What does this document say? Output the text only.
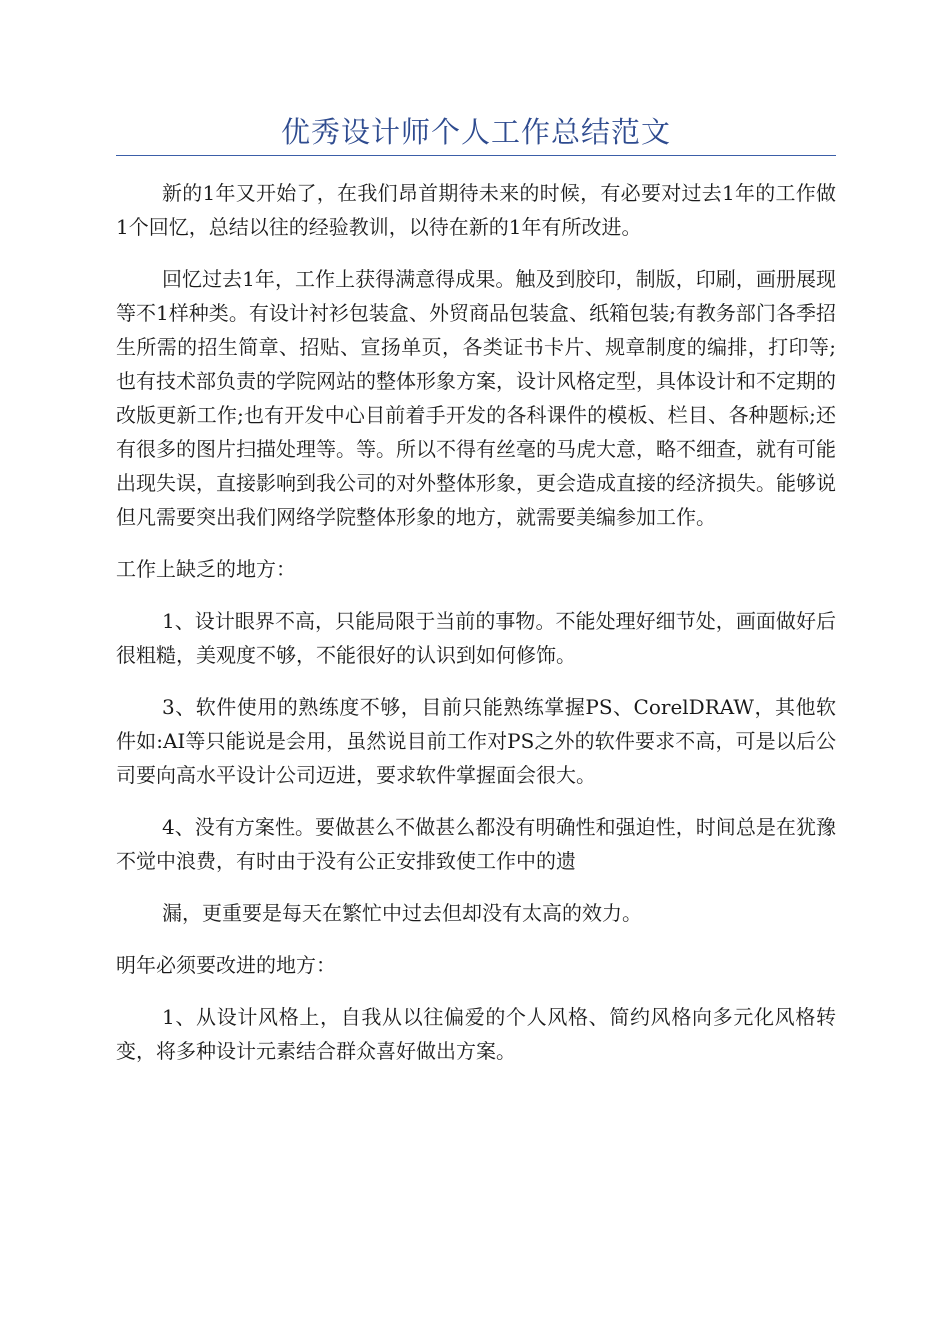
优秀设计师个人工作总结范文

新的1年又开始了，在我们昂首期待未来的时候，有必要对过去1年的工作做1个回忆，总结以往的经验教训，以待在新的1年有所改进。

回忆过去1年，工作上获得满意得成果。触及到胶印，制版，印刷，画册展现等不1样种类。有设计衬衫包装盒、外贸商品包装盒、纸箱包装;有教务部门各季招生所需的招生简章、招贴、宣扬单页，各类证书卡片、规章制度的编排，打印等;也有技术部负责的学院网站的整体形象方案，设计风格定型，具体设计和不定期的改版更新工作;也有开发中心目前着手开发的各科课件的模板、栏目、各种题标;还有很多的图片扫描处理等。等。所以不得有丝毫的马虎大意，略不细查，就有可能出现失误，直接影响到我公司的对外整体形象，更会造成直接的经济损失。能够说但凡需要突出我们网络学院整体形象的地方，就需要美编参加工作。

工作上缺乏的地方：

1、设计眼界不高，只能局限于当前的事物。不能处理好细节处，画面做好后很粗糙，美观度不够，不能很好的认识到如何修饰。

3、软件使用的熟练度不够，目前只能熟练掌握PS、CorelDRAW，其他软件如:AI等只能说是会用，虽然说目前工作对PS之外的软件要求不高，可是以后公司要向高水平设计公司迈进，要求软件掌握面会很大。

4、没有方案性。要做甚么不做甚么都没有明确性和强迫性，时间总是在犹豫不觉中浪费，有时由于没有公正安排致使工作中的遗

漏，更重要是每天在繁忙中过去但却没有太高的效力。

明年必须要改进的地方：

1、从设计风格上，自我从以往偏爱的个人风格、简约风格向多元化风格转变，将多种设计元素结合群众喜好做出方案。
